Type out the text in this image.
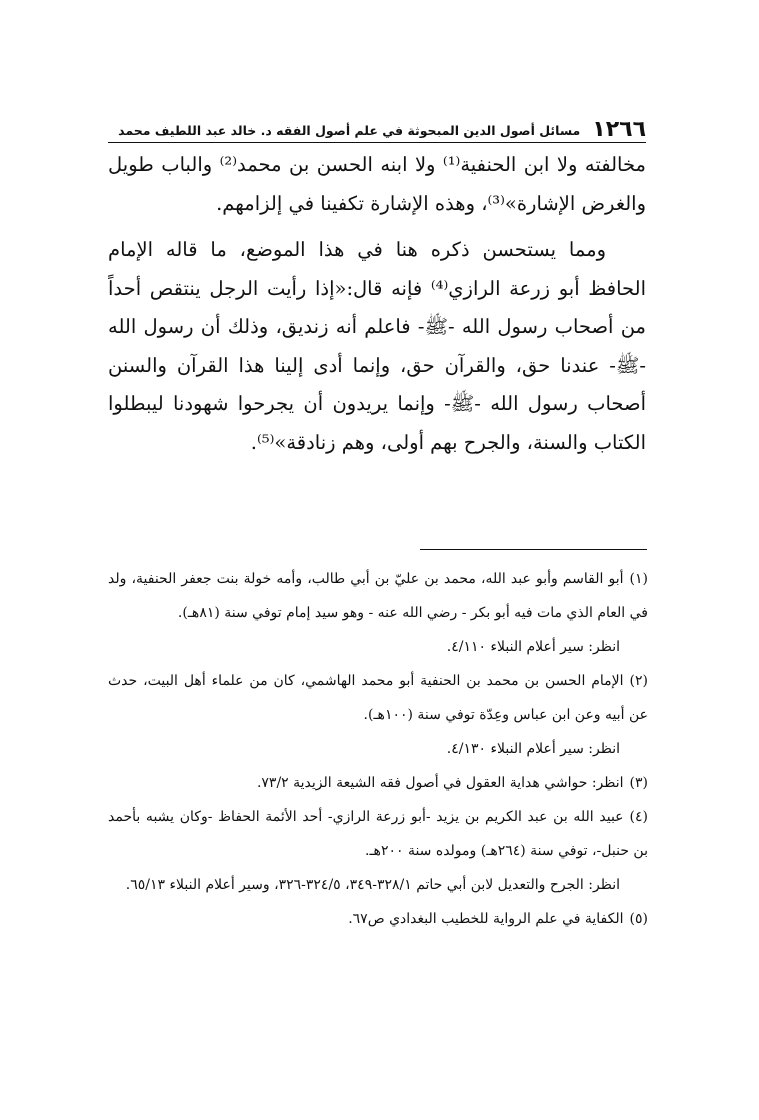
١٢٦٦
مسائل أصول الدين المبحوثة في علم أصول الفقه د. خالد عبد اللطيف محمد

مخالفته ولا ابن الحنفية⁽¹⁾ ولا ابنه الحسن بن محمد⁽²⁾ والباب طويل والغرض الإشارة»⁽³⁾، وهذه الإشارة تكفينا في إلزامهم.

ومما يستحسن ذكره هنا في هذا الموضع، ما قاله الإمام الحافظ أبو زرعة الرازي⁽⁴⁾ فإنه قال:«إذا رأيت الرجل ينتقص أحداً من أصحاب رسول الله -ﷺ- فاعلم أنه زنديق، وذلك أن رسول الله -ﷺ- عندنا حق، والقرآن حق، وإنما أدى إلينا هذا القرآن والسنن أصحاب رسول الله -ﷺ- وإنما يريدون أن يجرحوا شهودنا ليبطلوا الكتاب والسنة، والجرح بهم أولى، وهم زنادقة»⁽⁵⁾.

(١)أبو القاسم وأبو عبد الله، محمد بن عليّ بن أبي طالب، وأمه خولة بنت جعفر الحنفية، ولد في العام الذي مات فيه أبو بكر - رضي الله عنه - وهو سيد إمام توفي سنة (٨١هـ).
انظر: سير أعلام النبلاء ٤/١١٠.
(٢)الإمام الحسن بن محمد بن الحنفية أبو محمد الهاشمي، كان من علماء أهل البيت، حدث عن أبيه وعن ابن عباس وعِدّة توفي سنة (١٠٠هـ).
انظر: سير أعلام النبلاء ٤/١٣٠.
(٣)انظر: حواشي هداية العقول في أصول فقه الشيعة الزيدية ٧٣/٢.
(٤)عبيد الله بن عبد الكريم بن يزيد -أبو زرعة الرازي- أحد الأئمة الحفاظ -وكان يشبه بأحمد بن حنبل-، توفي سنة (٢٦٤هـ) ومولده سنة ٢٠٠هـ.
انظر: الجرح والتعديل لابن أبي حاتم ٣٢٨/١-٣٤٩، ٣٢٤/٥-٣٢٦، وسير أعلام النبلاء ٦٥/١٣.
(٥)الكفاية في علم الرواية للخطيب البغدادي ص٦٧.
